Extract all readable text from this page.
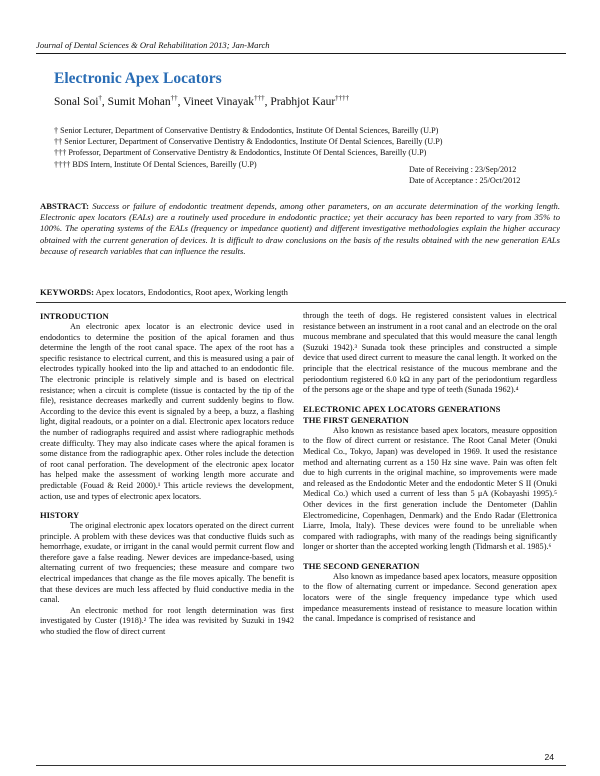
Journal of Dental Sciences & Oral Rehabilitation 2013; Jan-March
Electronic Apex Locators
Sonal Soi†, Sumit Mohan††, Vineet Vinayak†††, Prabhjot Kaur††††
† Senior Lecturer, Department of Conservative Dentistry & Endodontics, Institute Of Dental Sciences, Bareilly (U.P)
†† Senior Lecturer, Department of Conservative Dentistry & Endodontics, Institute Of Dental Sciences, Bareilly (U.P)
††† Professor, Department of Conservative Dentistry & Endodontics, Institute Of Dental Sciences, Bareilly (U.P)
†††† BDS Intern, Institute Of Dental Sciences, Bareilly (U.P)
Date of Receiving : 23/Sep/2012
Date of Acceptance : 25/Oct/2012
ABSTRACT: Success or failure of endodontic treatment depends, among other parameters, on an accurate determination of the working length. Electronic apex locators (EALs) are a routinely used procedure in endodontic practice; yet their accuracy has been reported to vary from 35% to 100%. The operating systems of the EALs (frequency or impedance quotient) and different investigative methodologies explain the higher accuracy obtained with the current generation of devices. It is difficult to draw conclusions on the basis of the results obtained with the new generation EALs because of research variables that can influence the results.
KEYWORDS: Apex locators, Endodontics, Root apex, Working length
INTRODUCTION

An electronic apex locator is an electronic device used in endodontics to determine the position of the apical foramen and thus determine the length of the root canal space. The apex of the root has a specific resistance to electrical current, and this is measured using a pair of electrodes typically hooked into the lip and attached to an endodontic file. The electronic principle is relatively simple and is based on electrical resistance; when a circuit is complete (tissue is contacted by the tip of the file), resistance decreases markedly and current suddenly begins to flow. According to the device this event is signaled by a beep, a buzz, a flashing light, digital readouts, or a pointer on a dial. Electronic apex locators reduce the number of radiographs required and assist where radiographic methods create difficulty. They may also indicate cases where the apical foramen is some distance from the radiographic apex. Other roles include the detection of root canal perforation. The development of the electronic apex locator has helped make the assessment of working length more accurate and predictable (Fouad & Reid 2000).¹ This article reviews the development, action, use and types of electronic apex locators.

HISTORY

The original electronic apex locators operated on the direct current principle. A problem with these devices was that conductive fluids such as hemorrhage, exudate, or irrigant in the canal would permit current flow and therefore gave a false reading. Newer devices are impedance-based, using alternating current of two frequencies; these measure and compare two electrical impedances that change as the file moves apically. The benefit is that these devices are much less affected by fluid conductive media in the canal.

An electronic method for root length determination was first investigated by Custer (1918).² The idea was revisited by Suzuki in 1942 who studied the flow of direct current

through the teeth of dogs. He registered consistent values in electrical resistance between an instrument in a root canal and an electrode on the oral mucous membrane and speculated that this would measure the canal length (Suzuki 1942).³ Sunada took these principles and constructed a simple device that used direct current to measure the canal length. It worked on the principle that the electrical resistance of the mucous membrane and the periodontium registered 6.0 kΩ in any part of the periodontium regardless of the persons age or the shape and type of teeth (Sunada 1962).⁴

ELECTRONIC APEX LOCATORS GENERATIONS
THE FIRST GENERATION

Also known as resistance based apex locators, measure opposition to the flow of direct current or resistance. The Root Canal Meter (Onuki Medical Co., Tokyo, Japan) was developed in 1969. It used the resistance method and alternating current as a 150 Hz sine wave. Pain was often felt due to high currents in the original machine, so improvements were made and released as the Endodontic Meter and the endodontic Meter S II (Onuki Medical Co.) which used a current of less than 5 μA (Kobayashi 1995).⁵ Other devices in the first generation include the Dentometer (Dahlin Electromedicine, Copenhagen, Denmark) and the Endo Radar (Elettronica Liarre, Imola, Italy). These devices were found to be unreliable when compared with radiographs, with many of the readings being significantly longer or shorter than the accepted working length (Tidmarsh et al. 1985).⁶

THE SECOND GENERATION

Also known as impedance based apex locators, measure opposition to the flow of alternating current or impedance. Second generation apex locators were of the single frequency impedance type which used impedance measurements instead of resistance to measure location within the canal. Impedance is comprised of resistance and

24
